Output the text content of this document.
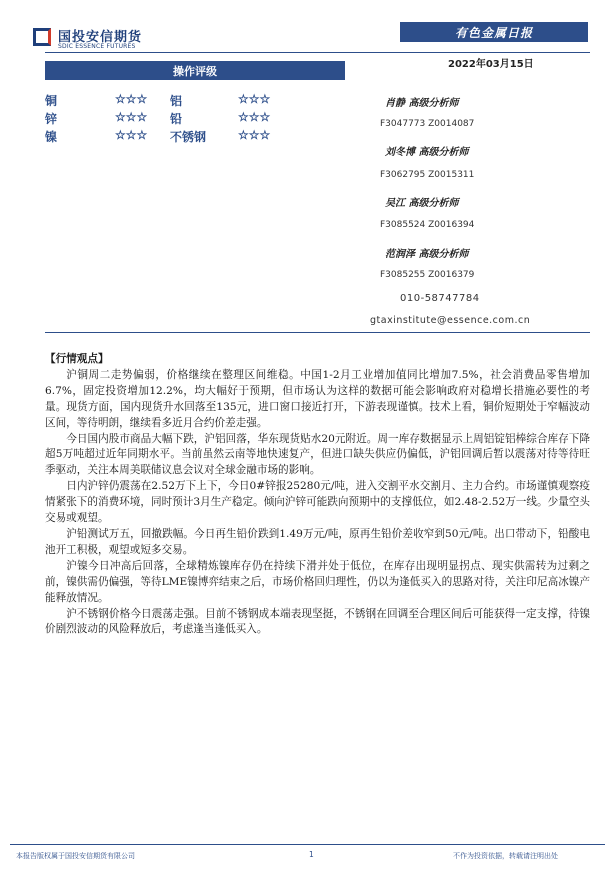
国投安信期货
SDIC ESSENCE FUTURES
有色金属日报
2022年03月15日
操作评级
铜	☆☆☆ 铝	☆☆☆
锌	☆☆☆ 铅	☆☆☆
镍	☆☆☆ 不锈钢	☆☆☆
肖静 高级分析师
F3047773 Z0014087
刘冬博 高级分析师
F3062795 Z0015311
吴江 高级分析师
F3085524 Z0016394
范润泽 高级分析师
F3085255 Z0016379
010-58747784
gtaxinstitute@essence.com.cn

【行情观点】

沪铜周二走势偏弱，价格继续在整理区间维稳。中国1-2月工业增加值同比增加7.5%，社会消费品零售增加6.7%，固定投资增加12.2%，均大幅好于预期，但市场认为这样的数据可能会影响政府对稳增长措施必要性的考量。现货方面，国内现货升水回落至135元，进口窗口接近打开，下游表现谨慎。技术上看，铜价短期处于窄幅波动区间，等待明朗，继续看多近月合约价差走强。

今日国内股市商品大幅下跌，沪铝回落，华东现货贴水20元附近。周一库存数据显示上周铝锭铝棒综合库存下降超5万吨超过近年同期水平。当前虽然云南等地快速复产，但进口缺失供应仍偏低，沪铝回调后暂以震荡对待等待旺季驱动，关注本周美联储议息会议对全球金融市场的影响。

日内沪锌仍震荡在2.52万下上下，今日0#锌报25280元/吨，进入交割平水交割月、主力合约。市场谨慎观察疫情紧张下的消费环境，同时预计3月生产稳定。倾向沪锌可能跌向预期中的支撑低位，如2.48-2.52万一线。少量空头交易或观望。

沪铅测试万五，回撤跌幅。今日再生铅价跌到1.49万元/吨，原再生铅价差收窄到50元/吨。出口带动下，铅酸电池开工积极，观望或短多交易。

沪镍今日冲高后回落，全球精炼镍库存仍在持续下滑并处于低位，在库存出现明显拐点、现实供需转为过剩之前，镍供需仍偏强，等待LME镍博弈结束之后，市场价格回归理性，仍以为逢低买入的思路对待，关注印尼高冰镍产能释放情况。

沪不锈钢价格今日震荡走强。目前不锈钢成本端表现坚挺，不锈钢在回调至合理区间后可能获得一定支撑，待镍价剧烈波动的风险释放后，考虑逢当逢低买入。

本报告版权属于国投安信期货有限公司	1	不作为投资依据，转载请注明出处
